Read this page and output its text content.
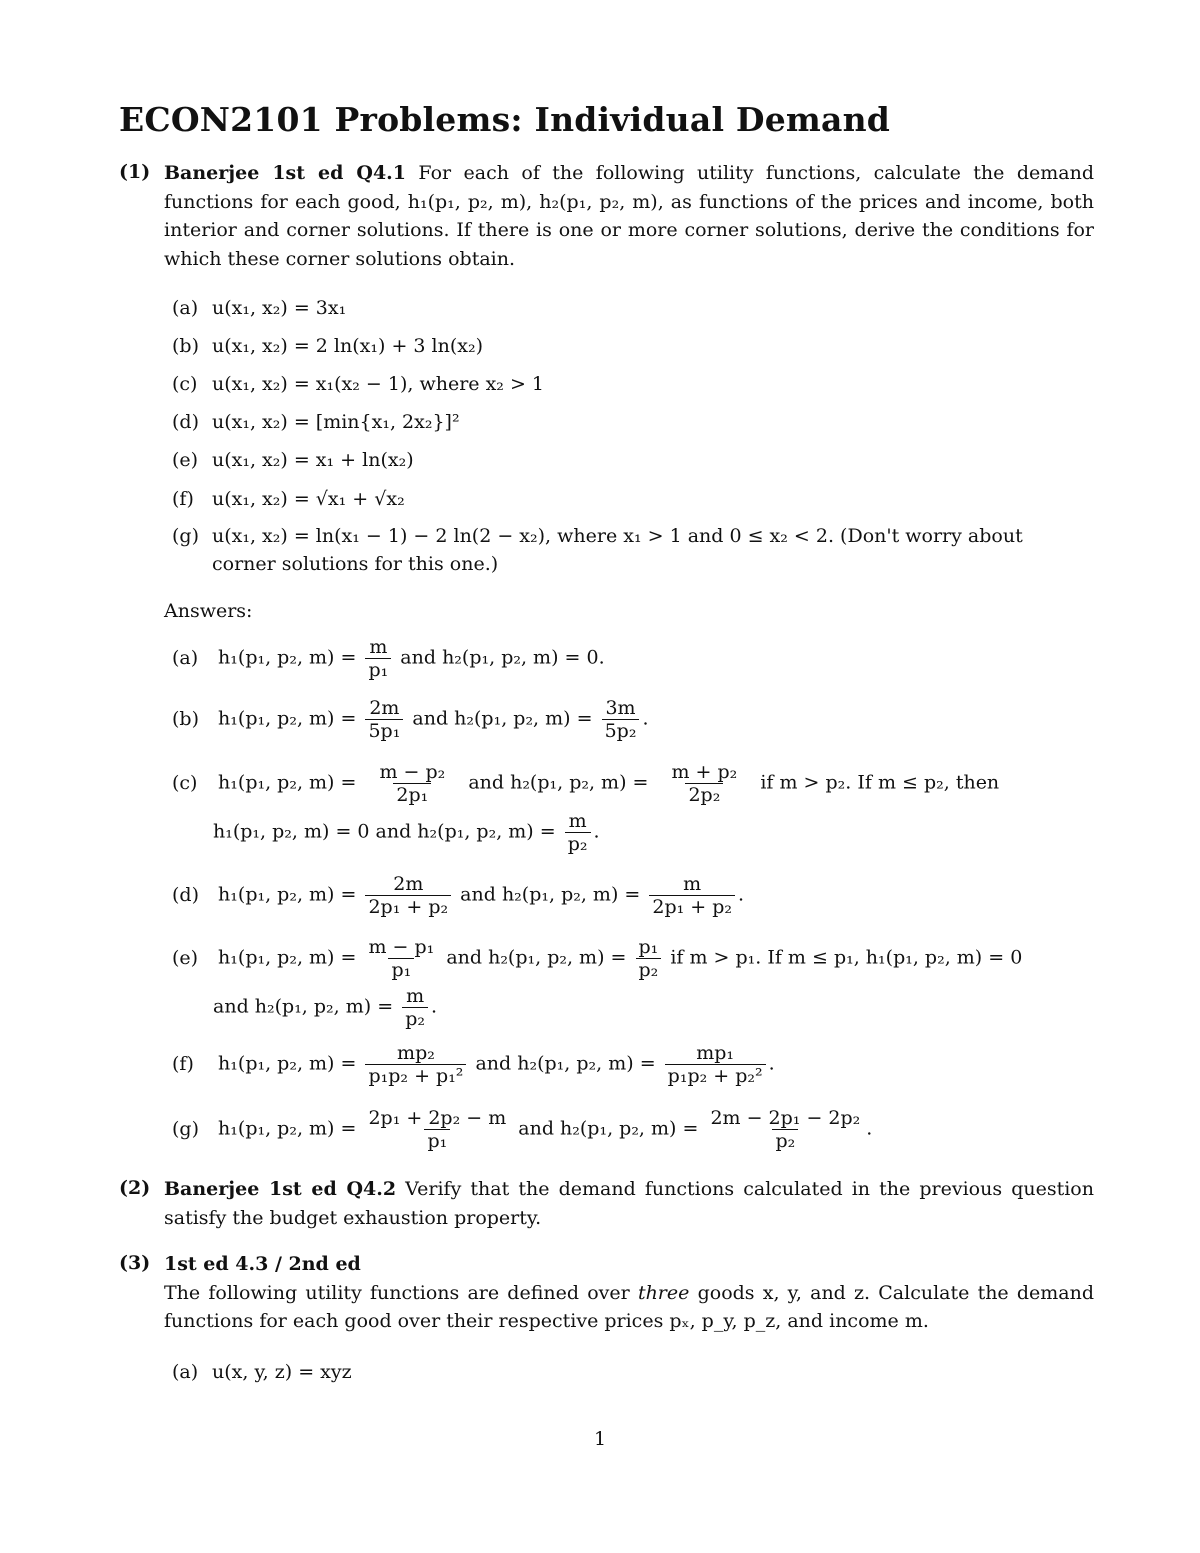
ECON2101 Problems: Individual Demand
(1) Banerjee 1st ed Q4.1 For each of the following utility functions, calculate the demand functions for each good, h₁(p₁, p₂, m), h₂(p₁, p₂, m), as functions of the prices and income, both interior and corner solutions. If there is one or more corner solutions, derive the conditions for which these corner solutions obtain.
(a) u(x₁, x₂) = 3x₁
(b) u(x₁, x₂) = 2 ln(x₁) + 3 ln(x₂)
(c) u(x₁, x₂) = x₁(x₂ − 1), where x₂ > 1
(d) u(x₁, x₂) = [min{x₁, 2x₂}]²
(e) u(x₁, x₂) = x₁ + ln(x₂)
(f) u(x₁, x₂) = √x₁ + √x₂
(g) u(x₁, x₂) = ln(x₁ − 1) − 2 ln(2 − x₂), where x₁ > 1 and 0 ≤ x₂ < 2. (Don't worry about corner solutions for this one.)
Answers:
(a) h₁(p₁, p₂, $m) = \frac{m}{\text{p₁}}$ and h₂(p₁, p₂, m) = 0.
(b) h₁(p₁, p₂, $m) = \frac{2m}{\text{5p₁}}$ and h₂(p₁, p₂, $m) = \frac{3m}{\text{5p₂}}$ .
(c) h₁(p₁, p₂, $m) = \frac{\text{m − p₂}}{\text{2p₁}}$ and h₂(p₁, p₂, $m) = \frac{\text{m + p₂}}{\text{2p₂}}$ if m > p₂. If m ≤ p₂, then
h₁(p₁, p₂, m) = 0 and h₂(p₁, p₂, $m) = \frac{m}{\text{p₂}}$ .
(d) h₁(p₁, p₂, $m) = \frac{2m}{\text{2p₁ + p₂}}$ and h₂(p₁, p₂, $m) = \frac{m}{\text{2p₁ + p₂}}$ .
(e) h₁(p₁, p₂, $m) = \frac{\text{m − p₁}}{\text{p₁}}$ and h₂(p₁, p₂, $m) = \frac{\text{p₁}}{\text{p₂}}$ if m > p₁. If m ≤ p₁, h₁(p₁, p₂, m) = 0
and h₂(p₁, p₂, $m) = \frac{m}{\text{p₂}}$ .
(f) h₁(p₁, p₂, $m) = \frac{\text{mp₂}}{\text{p₁p₂ + p₁²}}$ and h₂(p₁, p₂, $m) = \frac{\text{mp₁}}{\text{p₁p₂ + p₂²}}$ .
(g) h₁(p₁, p₂, $m) = \frac{\text{2p₁ + 2p₂ − m}}{\text{p₁}}$ and h₂(p₁, p₂, $m) = \frac{\text{2m − 2p₁ − 2p₂}}{\text{p₂}}$ .
(2) Banerjee 1st ed Q4.2 Verify that the demand functions calculated in the previous question satisfy the budget exhaustion property.
(3) 1st ed 4.3 / 2nd ed
The following utility functions are defined over three goods x, y, and z. Calculate the demand functions for each good over their respective prices pₓ, p_y, p_z, and income m.
(a) u(x, y, z) = xyz
1
